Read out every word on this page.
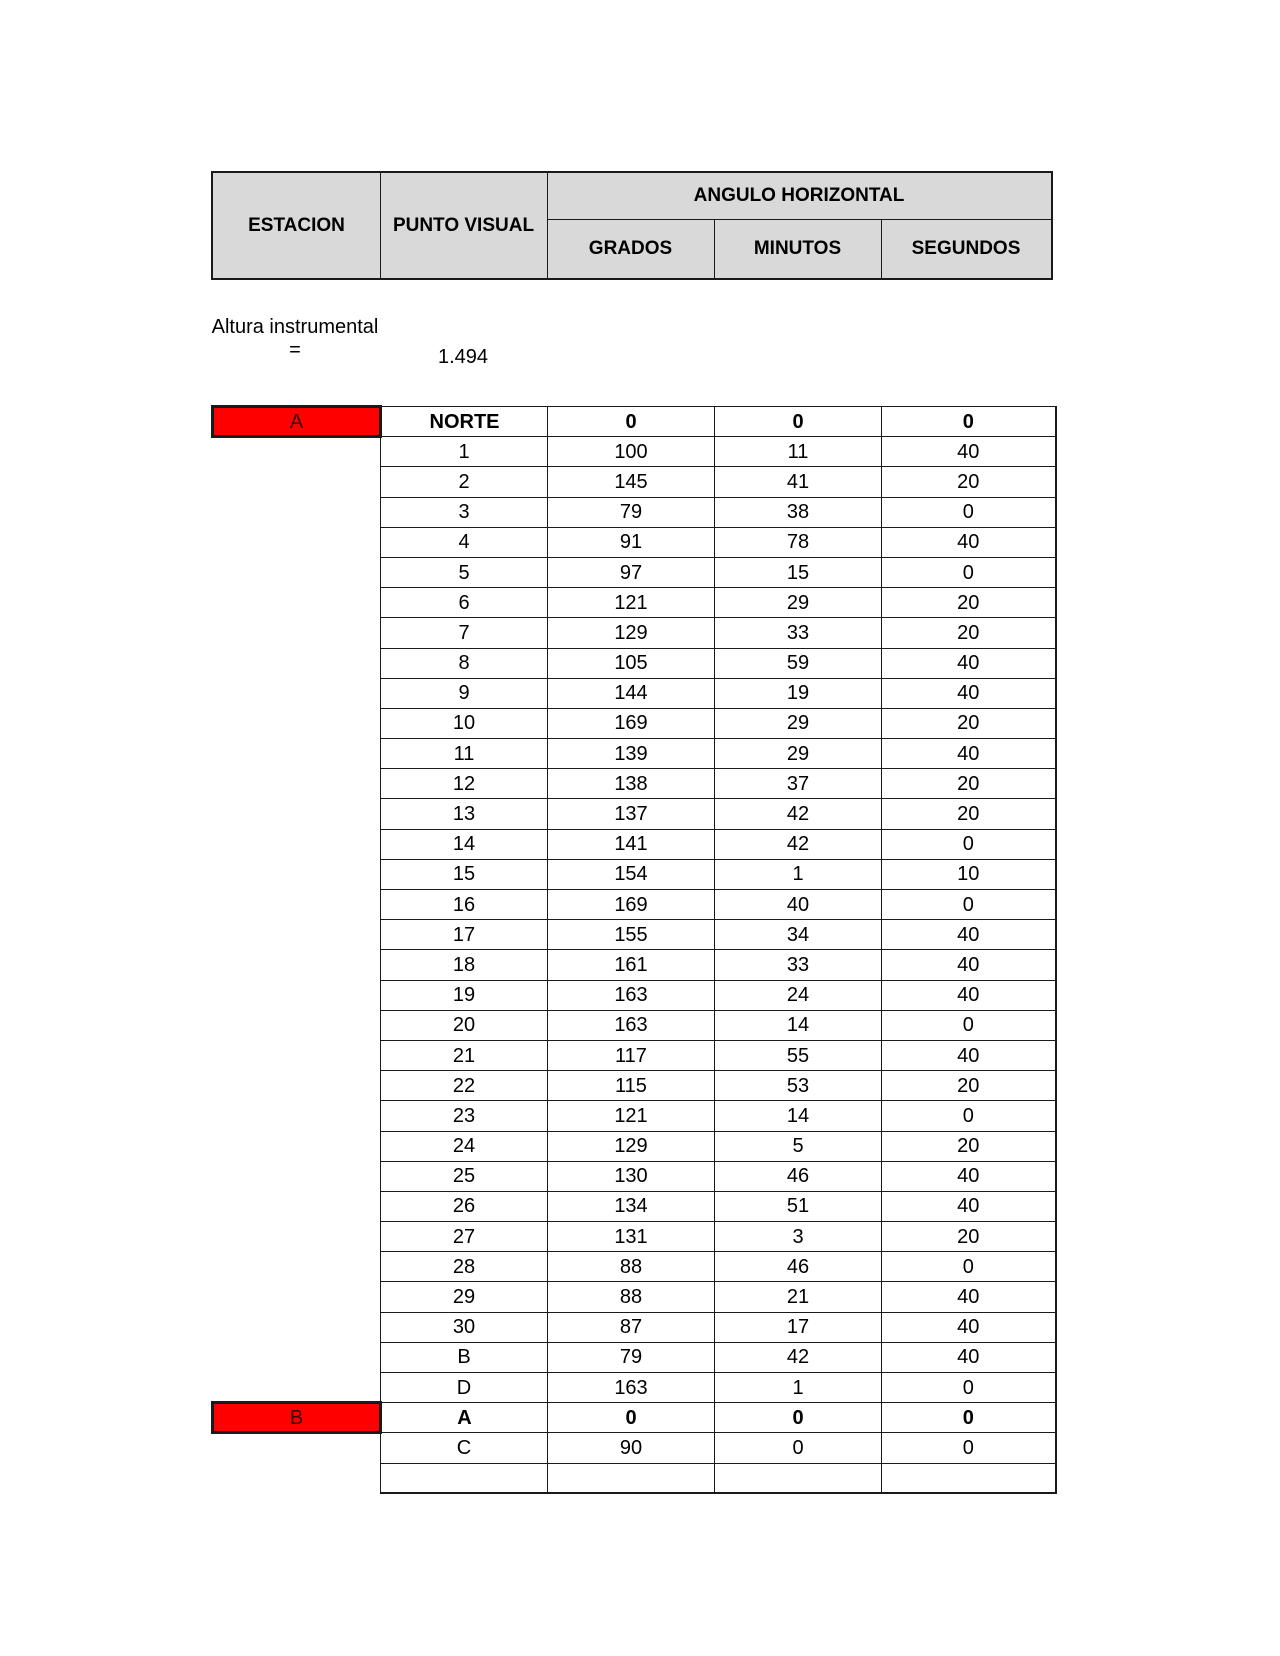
ESTACION	PUNTO VISUAL
ANGULO HORIZONTAL
GRADOS	MINUTOS	SEGUNDOS
Altura instrumental =	1.494
A	NORTE	0	0	0
	1	100	11	40
	2	145	41	20
	3	79	38	0
	4	91	78	40
	5	97	15	0
	6	121	29	20
	7	129	33	20
	8	105	59	40
	9	144	19	40
	10	169	29	20
	11	139	29	40
	12	138	37	20
	13	137	42	20
	14	141	42	0
	15	154	1	10
	16	169	40	0
	17	155	34	40
	18	161	33	40
	19	163	24	40
	20	163	14	0
	21	117	55	40
	22	115	53	20
	23	121	14	0
	24	129	5	20
	25	130	46	40
	26	134	51	40
	27	131	3	20
	28	88	46	0
	29	88	21	40
	30	87	17	40
	B	79	42	40
	D	163	1	0
B	A	0	0	0
	C	90	0	0
